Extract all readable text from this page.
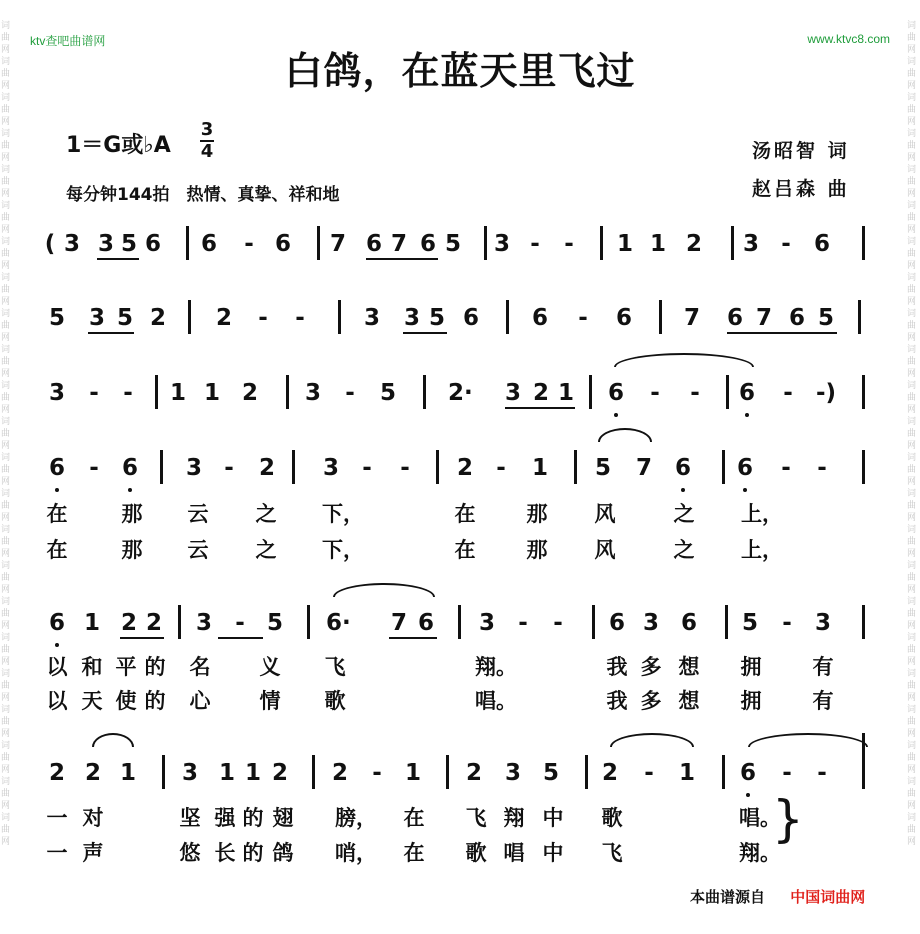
词曲网词曲网词曲网词曲网词曲网词曲网词曲网词曲网词曲网词曲网词曲网词曲网词曲网词曲网词曲网词曲网词曲网词曲网词曲网词曲网词曲网词曲网词曲网
词曲网词曲网词曲网词曲网词曲网词曲网词曲网词曲网词曲网词曲网词曲网词曲网词曲网词曲网词曲网词曲网词曲网词曲网词曲网词曲网词曲网词曲网词曲网
ktv查吧曲谱网	www.ktvc8.com
白鸽，在蓝天里飞过
1＝G或♭A
3
4
每分钟144拍　热情、真挚、祥和地
汤昭智 词
赵吕森 曲
( 3 3 5 6 6	- 6 7 6 7 6 5 3 -	-	1 1 2 3 -	6
5 3 5 2 2	-	-	3 3 5 6 6	-	6 7 6 7 6 5
3	-	-	1 1 2 3	-	5 2· 3 2 1 6	-	-	6	-	-)
6	-	6 3 -	2 3	-	-	2	-	1 5 7 6 6	-	-
6 1 2 2 3	- 5 6· 7 6 3	-	-	6 3 6 5	-	3
2 2 1 3 1 1 2 2	-	1 2 3 5 2	-	1 6	-	-
在	那 云 之 下，	在 那 风	之 上，
在	那 云 之 下，	在 那 风	之 上，
以 和 平 的 名 义 飞	翔。	我 多 想 拥 有
以 天 使 的 心 情 歌	唱。	我 多 想 拥 有
一 对	坚 强 的 翅 膀， 在 飞 翔 中 歌	唱。
一 声	悠 长 的 鸽 哨， 在 歌 唱 中 飞	翔。
}
本曲谱源自 中国词曲网
